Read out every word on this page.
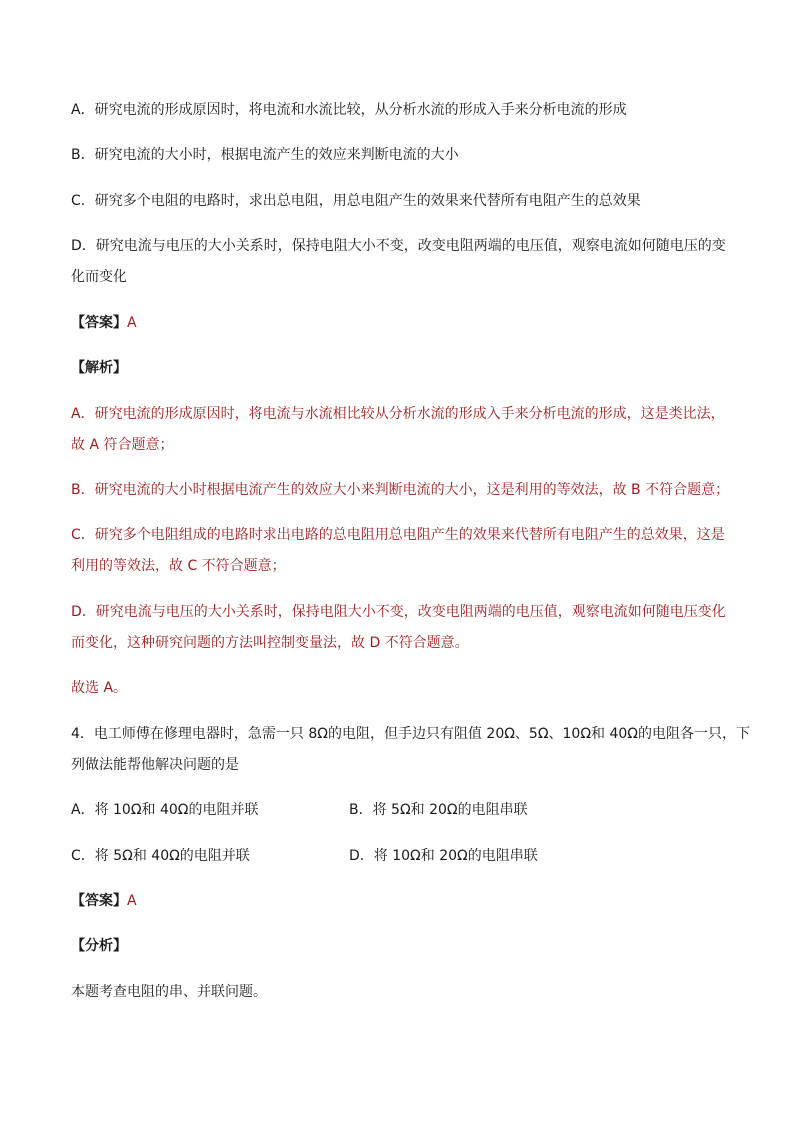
A．研究电流的形成原因时，将电流和水流比较，从分析水流的形成入手来分析电流的形成
B．研究电流的大小时，根据电流产生的效应来判断电流的大小
C．研究多个电阻的电路时，求出总电阻，用总电阻产生的效果来代替所有电阻产生的总效果
D．研究电流与电压的大小关系时，保持电阻大小不变，改变电阻两端的电压值，观察电流如何随电压的变
化而变化
【答案】A
【解析】
A．研究电流的形成原因时，将电流与水流相比较从分析水流的形成入手来分析电流的形成，这是类比法，
故 A 符合题意；
B．研究电流的大小时根据电流产生的效应大小来判断电流的大小，这是利用的等效法，故 B 不符合题意；
C．研究多个电阻组成的电路时求出电路的总电阻用总电阻产生的效果来代替所有电阻产生的总效果，这是
利用的等效法，故 C 不符合题意；
D．研究电流与电压的大小关系时，保持电阻大小不变，改变电阻两端的电压值，观察电流如何随电压变化
而变化，这种研究问题的方法叫控制变量法，故 D 不符合题意。
故选 A。
4．电工师傅在修理电器时，急需一只 8Ω的电阻，但手边只有阻值 20Ω、5Ω、10Ω和 40Ω的电阻各一只，下
列做法能帮他解决问题的是
A．将 10Ω和 40Ω的电阻并联	B．将 5Ω和 20Ω的电阻串联
C．将 5Ω和 40Ω的电阻并联	D．将 10Ω和 20Ω的电阻串联
【答案】A
【分析】
本题考查电阻的串、并联问题。
